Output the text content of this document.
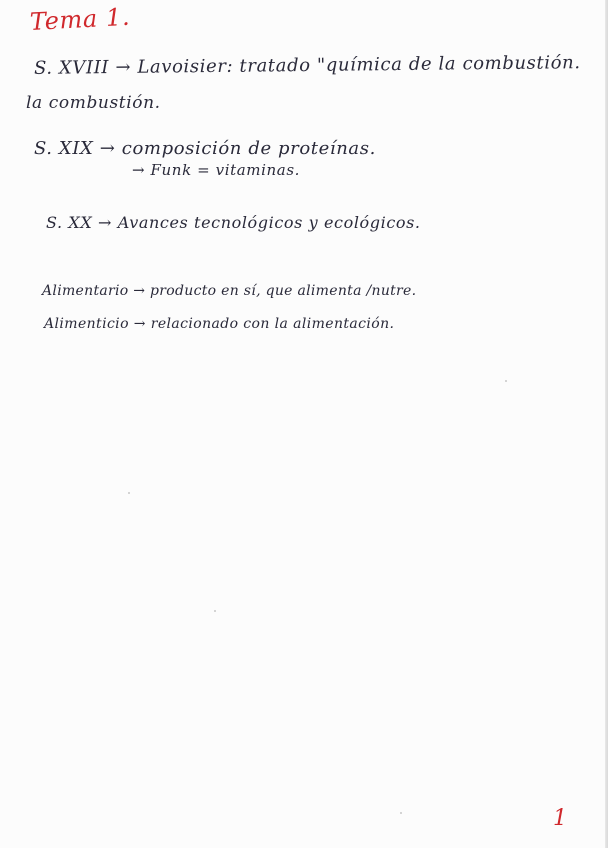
Tema 1.
S. XVIII → Lavoisier: tratado "química de la combustión.
la combustión.
S. XIX → composición de proteínas.
→ Funk = vitaminas.
S. XX → Avances tecnológicos y ecológicos.
Alimentario → producto en sí, que alimenta /nutre.
Alimenticio → relacionado con la alimentación.
1
